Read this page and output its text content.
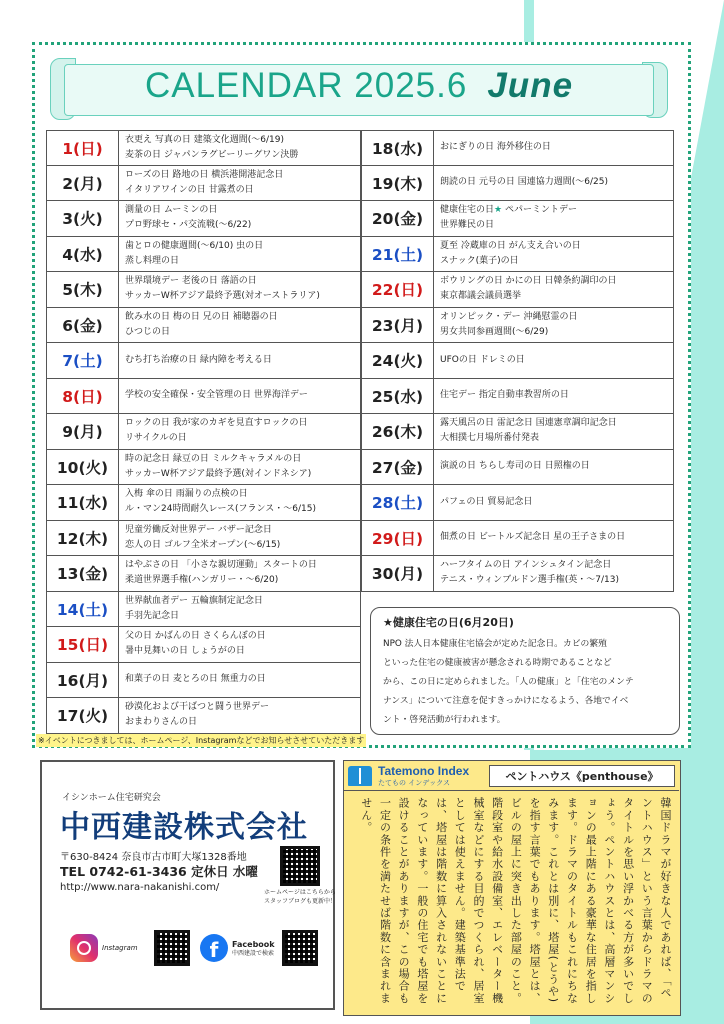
CALENDAR 2025.6 June
1(日)	衣更え 写真の日 建築文化週間(～6/19)
麦茶の日 ジャパンラグビーリーグワン決勝
2(月)	ローズの日 路地の日 横浜港開港記念日
イタリアワインの日 甘露煮の日
3(火)	測量の日 ムーミンの日
プロ野球セ・パ交流戦(～6/22)
4(水)	歯とロの健康週間(～6/10) 虫の日
蒸し料理の日
5(木)	世界環境デー 老後の日 落語の日
サッカーW杯アジア最終予選(対オーストラリア)
6(金)	飲み水の日 梅の日 兄の日 補聴器の日
ひつじの日
7(土)	むち打ち治療の日 緑内障を考える日
8(日)	学校の安全確保・安全管理の日 世界海洋デー
9(月)	ロックの日 我が家のカギを見直すロックの日
リサイクルの日
10(火)	時の記念日 緑豆の日 ミルクキャラメルの日
サッカーW杯アジア最終予選(対インドネシア)
11(水)	入梅 傘の日 雨漏りの点検の日
ル・マン24時間耐久レース(フランス・～6/15)
12(木)	児童労働反対世界デー バザー記念日
恋人の日 ゴルフ全米オープン(～6/15)
13(金)	はやぶさの日 「小さな親切運動」スタートの日
柔道世界選手権(ハンガリー・～6/20)
14(土)	世界献血者デー 五輪旗制定記念日
手羽先記念日
15(日)	父の日 かばんの日 さくらんぼの日
暑中見舞いの日 しょうがの日
16(月)	和菓子の日 麦とろの日 無重力の日
17(火)	砂漠化および干ばつと闘う世界デー
おまわりさんの日
18(水)	おにぎりの日 海外移住の日
19(木)	朗読の日 元号の日 国連協力週間(～6/25)
20(金)	健康住宅の日★ ペパーミントデー
世界難民の日
21(土)	夏至 冷蔵庫の日 がん支え合いの日
スナック(菓子)の日
22(日)	ボウリングの日 かにの日 日韓条約調印の日
東京都議会議員選挙
23(月)	オリンピック・デー 沖縄慰霊の日
男女共同参画週間(～6/29)
24(火)	UFOの日 ドレミの日
25(水)	住宅デー 指定自動車教習所の日
26(木)	露天風呂の日 雷記念日 国連憲章調印記念日
大相撲七月場所番付発表
27(金)	演説の日 ちらし寿司の日 日照権の日
28(土)	パフェの日 貿易記念日
29(日)	佃煮の日 ビートルズ記念日 星の王子さまの日
30(月)	ハーフタイムの日 アインシュタイン記念日
テニス・ウィンブルドン選手権(英・～7/13)
★健康住宅の日(6月20日)
NPO 法人日本健康住宅協会が定めた記念日。カビの繁殖
といった住宅の健康被害が懸念される時期であることなど
から、この日に定められました。「人の健康」と「住宅のメンテ
ナンス」について注意を促すきっかけになるよう、各地でイベ
ント・啓発活動が行われます。
※イベントにつきましては、ホームページ、Instagramなどでお知らせさせていただきます
イシンホーム住宅研究会
中西建設株式会社
〒630-8424 奈良市古市町大塚1328番地
TEL 0742-61-3436 定休日 水曜
http://www.nara-nakanishi.com/	ホームページはこちらから
スタッフブログも更新中！
Instagram	f	Facebook
中西建設で検索
Tatemono Index
たてもの インデックス	ペントハウス《penthouse》
韓国ドラマが好きな人であれば、「ペントハウス」という言葉からドラマのタイトルを思い浮かべる方が多いでしょう。ペントハウスとは、高層マンションの最上階にある豪華な住居を指します。ドラマのタイトルもこれにちなみます。これとは別に、塔屋(とうや)を指す言葉でもあります。塔屋とは、ビルの屋上に突き出した部屋のこと。階段室や給水設備室、エレベーター機械室などにする目的でつくられ、居室としては使えません。建築基準法では、塔屋は階数に算入されないことになっています。一般の住宅でも塔屋を設けることがありますが、この場合も一定の条件を満たせば階数に含まれません。
